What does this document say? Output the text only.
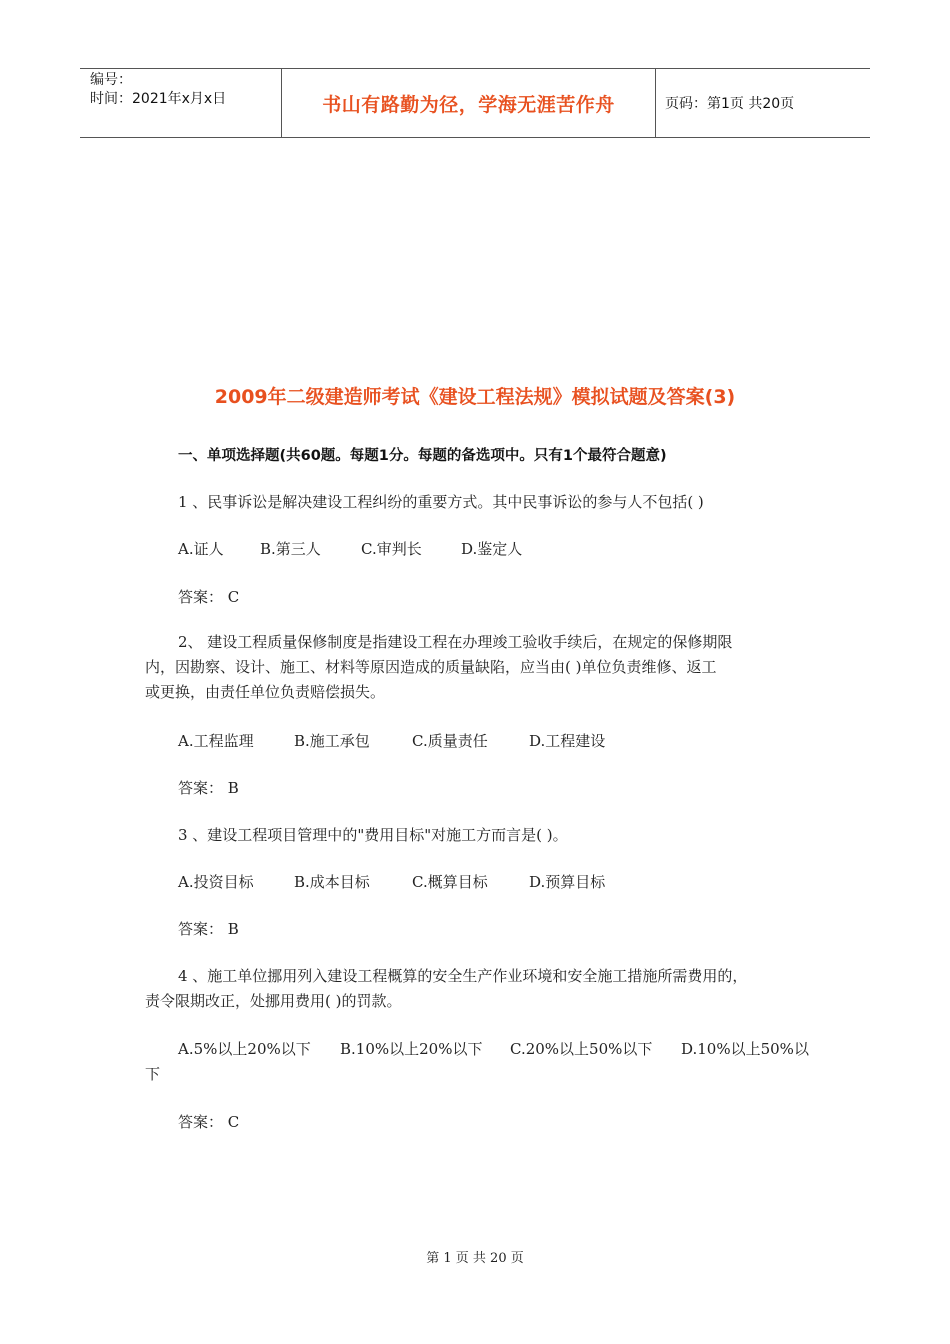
编号：
时间：2021年x月x日	书山有路勤为径，学海无涯苦作舟	页码：第1页 共20页
2009年二级建造师考试《建设工程法规》模拟试题及答案(3)
一、单项选择题(共60题。每题1分。每题的备选项中。只有1个最符合题意)
1 、民事诉讼是解决建设工程纠纷的重要方式。其中民事诉讼的参与人不包括( )
A.证人 B.第三人	C.审判长	D.鉴定人
答案： C

2、 建设工程质量保修制度是指建设工程在办理竣工验收手续后，在规定的保修期限

内，因勘察、设计、施工、材料等原因造成的质量缺陷，应当由( )单位负责维修、返工

或更换，由责任单位负责赔偿损失。

A.工程监理	B.施工承包	C.质量责任	D.工程建设
答案： B
3 、建设工程项目管理中的"费用目标"对施工方而言是( )。
A.投资目标	B.成本目标	C.概算目标	D.预算目标
答案： B

4 、施工单位挪用列入建设工程概算的安全生产作业环境和安全施工措施所需费用的，

责令限期改正，处挪用费用( )的罚款。

A.5%以上20%以下 B.10%以上20%以下 C.20%以上50%以下 D.10%以上50%以
下
答案： C
第 1 页 共 20 页
